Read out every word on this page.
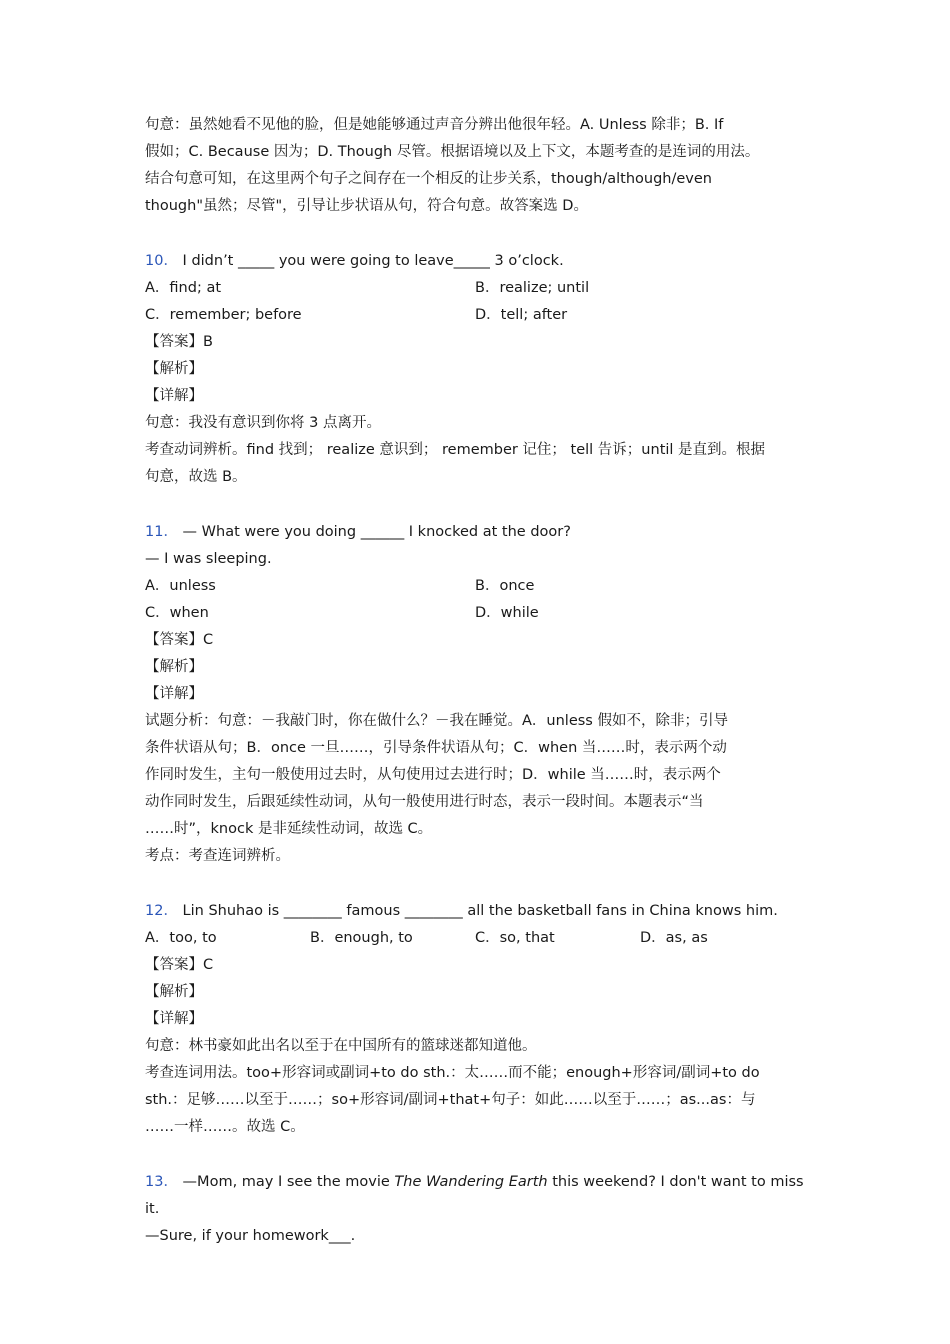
句意：虽然她看不见他的脸，但是她能够通过声音分辨出他很年轻。A. Unless 除非；B. If

假如；C. Because 因为；D. Though 尽管。根据语境以及上下文，本题考查的是连词的用法。

结合句意可知，在这里两个句子之间存在一个相反的让步关系，though/although/even

though"虽然；尽管"，引导让步状语从句，符合句意。故答案选 D。

10． I didn’t _____ you were going to leave_____ 3 o’clock.

A．find; at	B．realize; until
C．remember; before	D．tell; after

【答案】B

【解析】

【详解】

句意：我没有意识到你将 3 点离开。

考查动词辨析。find 找到； realize 意识到； remember 记住； tell 告诉；until 是直到。根据

句意，故选 B。

11． — What were you doing ______ I knocked at the door?

— I was sleeping.

A．unless	B．once
C．when	D．while

【答案】C

【解析】

【详解】

试题分析：句意：－我敲门时，你在做什么？－我在睡觉。A．unless 假如不，除非；引导

条件状语从句；B．once 一旦……，引导条件状语从句；C．when 当……时，表示两个动

作同时发生，主句一般使用过去时，从句使用过去进行时；D．while 当……时，表示两个

动作同时发生，后跟延续性动词，从句一般使用进行时态，表示一段时间。本题表示“当

……时”，knock 是非延续性动词，故选 C。

考点：考查连词辨析。

12． Lin Shuhao is ________ famous ________ all the basketball fans in China knows him.

A．too, to	B．enough, to	C．so, that	D．as, as

【答案】C

【解析】

【详解】

句意：林书豪如此出名以至于在中国所有的篮球迷都知道他。

考查连词用法。too+形容词或副词+to do sth.：太……而不能；enough+形容词/副词+to do

sth.：足够……以至于……；so+形容词/副词+that+句子：如此……以至于……；as...as：与

……一样……。故选 C。

13． —Mom, may I see the movie The Wandering Earth this weekend? I don't want to miss it.

—Sure, if your homework___.
